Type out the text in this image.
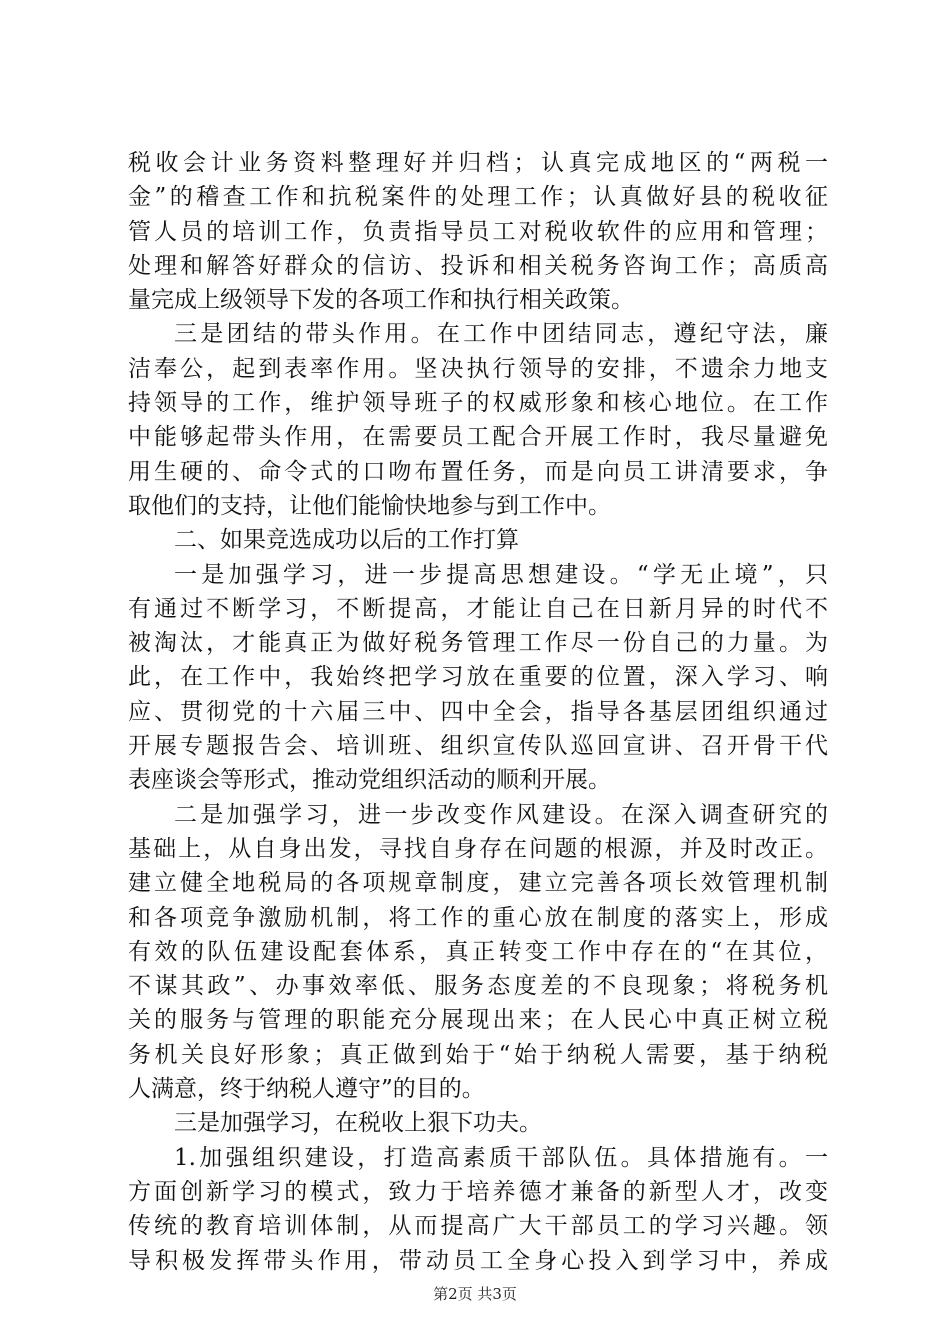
税收会计业务资料整理好并归档；认真完成地区的“两税一
金”的稽查工作和抗税案件的处理工作；认真做好县的税收征
管人员的培训工作，负责指导员工对税收软件的应用和管理；
处理和解答好群众的信访、投诉和相关税务咨询工作；高质高
量完成上级领导下发的各项工作和执行相关政策。
三是团结的带头作用。在工作中团结同志，遵纪守法，廉
洁奉公，起到表率作用。坚决执行领导的安排，不遗余力地支
持领导的工作，维护领导班子的权威形象和核心地位。在工作
中能够起带头作用，在需要员工配合开展工作时，我尽量避免
用生硬的、命令式的口吻布置任务，而是向员工讲清要求，争
取他们的支持，让他们能愉快地参与到工作中。
二、如果竞选成功以后的工作打算
一是加强学习，进一步提高思想建设。“学无止境”，只
有通过不断学习，不断提高，才能让自己在日新月异的时代不
被淘汰，才能真正为做好税务管理工作尽一份自己的力量。为
此，在工作中，我始终把学习放在重要的位置，深入学习、响
应、贯彻党的十六届三中、四中全会，指导各基层团组织通过
开展专题报告会、培训班、组织宣传队巡回宣讲、召开骨干代
表座谈会等形式，推动党组织活动的顺利开展。
二是加强学习，进一步改变作风建设。在深入调查研究的
基础上，从自身出发，寻找自身存在问题的根源，并及时改正。
建立健全地税局的各项规章制度，建立完善各项长效管理机制
和各项竞争激励机制，将工作的重心放在制度的落实上，形成
有效的队伍建设配套体系，真正转变工作中存在的“在其位，
不谋其政”、办事效率低、服务态度差的不良现象；将税务机
关的服务与管理的职能充分展现出来；在人民心中真正树立税
务机关良好形象；真正做到始于“始于纳税人需要，基于纳税
人满意，终于纳税人遵守”的目的。
三是加强学习，在税收上狠下功夫。
1.加强组织建设，打造高素质干部队伍。具体措施有。一
方面创新学习的模式，致力于培养德才兼备的新型人才，改变
传统的教育培训体制，从而提高广大干部员工的学习兴趣。领
导积极发挥带头作用，带动员工全身心投入到学习中，养成
第2页 共3页
